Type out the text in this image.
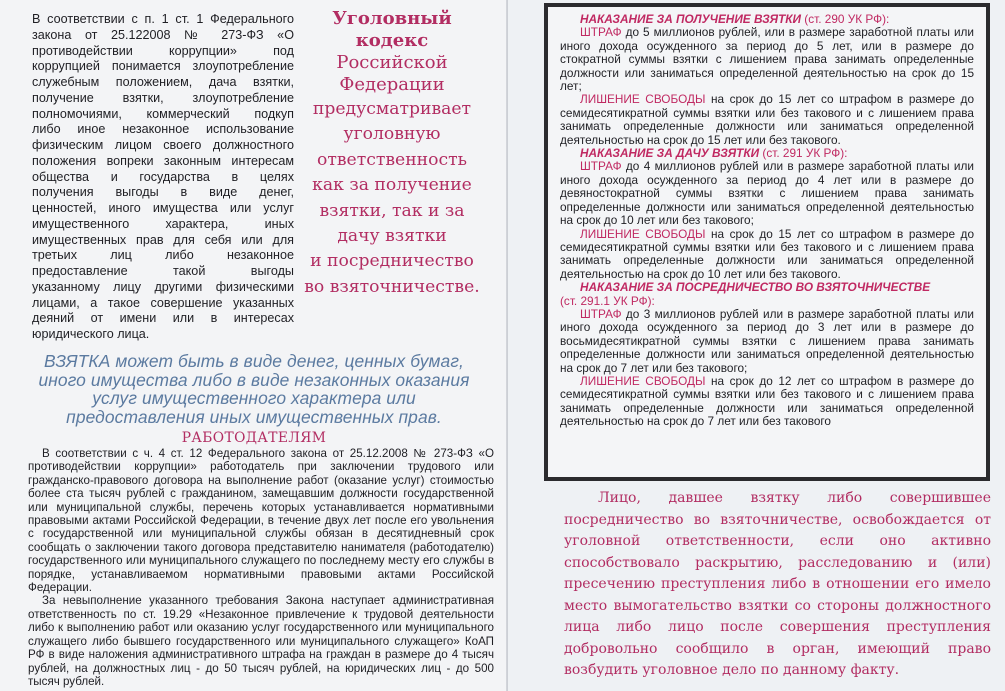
В соответствии с п. 1 ст. 1 Федерального
закона от 25.122008 № 273-ФЗ «О
противодействии коррупции» под
коррупцией понимается злоупотребление
служебным положением, дача взятки,
получение взятки, злоупотребление
полномочиями, коммерческий подкуп
либо иное незаконное использование
физическим лицом своего должностного
положения вопреки законным интересам
общества и государства в целях
получения выгоды в виде денег,
ценностей, иного имущества или услуг
имущественного характера, иных
имущественных прав для себя или для
третьих лиц либо незаконное
предоставление такой выгоды
указанному лицу другими физическими
лицами, а такое совершение указанных
деяний от имени или в интересах
юридического лица.
Уголовный
кодекс
Российской
Федерации
предусматривает
уголовную
ответственность
как за получение
взятки, так и за
дачу взятки
и посредничество
во взяточничестве.
ВЗЯТКА может быть в виде денег, ценных бумаг,
иного имущества либо в виде незаконных оказания
услуг имущественного характера или
предоставления иных имущественных прав.
РАБОТОДАТЕЛЯМ

В соответствии с ч. 4 ст. 12 Федерального закона от 25.12.2008 № 273-ФЗ «О противодействии коррупции» работодатель при заключении трудового или гражданско-правового договора на выполнение работ (оказание услуг) стоимостью более ста тысяч рублей с гражданином, замещавшим должности государственной или муниципальной службы, перечень которых устанавливается нормативными правовыми актами Российской Федерации, в течение двух лет после его увольнения с государственной или муниципальной службы обязан в десятидневный срок сообщать о заключении такого договора представителю нанимателя (работодателю) государственного или муниципального служащего по последнему месту его службы в порядке, устанавливаемом нормативными правовыми актами Российской Федерации.

За невыполнение указанного требования Закона наступает административная ответственность по ст. 19.29 «Незаконное привлечение к трудовой деятельности либо к выполнению работ или оказанию услуг государственного или муниципального служащего либо бывшего государственного или муниципального служащего» КоАП РФ в виде наложения административного штрафа на граждан в размере до 4 тысяч рублей, на должностных лиц - до 50 тысяч рублей, на юридических лиц - до 500 тысяч рублей.

НАКАЗАНИЕ ЗА ПОЛУЧЕНИЕ ВЗЯТКИ (ст. 290 УК РФ):

ШТРАФ до 5 миллионов рублей, или в размере заработной платы или иного дохода осужденного за период до 5 лет, или в размере до стократной суммы взятки с лишением права занимать определенные должности или заниматься определенной деятельностью на срок до 15 лет;

ЛИШЕНИЕ СВОБОДЫ на срок до 15 лет со штрафом в размере до семидесятикратной суммы взятки или без такового и с лишением права занимать определенные должности или заниматься определенной деятельностью на срок до 15 лет или без такового.

НАКАЗАНИЕ ЗА ДАЧУ ВЗЯТКИ (ст. 291 УК РФ):

ШТРАФ до 4 миллионов рублей или в размере заработной платы или иного дохода осужденного за период до 4 лет или в размере до девяностократной суммы взятки с лишением права занимать определенные должности или заниматься определенной деятельностью на срок до 10 лет или без такового;

ЛИШЕНИЕ СВОБОДЫ на срок до 15 лет со штрафом в размере до семидесятикратной суммы взятки или без такового и с лишением права занимать определенные должности или заниматься определенной деятельностью на срок до 10 лет или без такового.

НАКАЗАНИЕ ЗА ПОСРЕДНИЧЕСТВО ВО ВЗЯТОЧНИЧЕСТВЕ
(ст. 291.1 УК РФ):

ШТРАФ до 3 миллионов рублей или в размере заработной платы или иного дохода осужденного за период до 3 лет или в размере до восьмидесятикратной суммы взятки с лишением права занимать определенные должности или заниматься определенной деятельностью на срок до 7 лет или без такового;

ЛИШЕНИЕ СВОБОДЫ на срок до 12 лет со штрафом в размере до семидесятикратной суммы взятки или без такового и с лишением права занимать определенные должности или заниматься определенной деятельностью на срок до 7 лет или без такового

Лицо, давшее взятку либо совершившее посредничество во взяточничестве, освобождается от уголовной ответственности, если оно активно способствовало раскрытию, расследованию и (или) пресечению преступления либо в отношении его имело место вымогательство взятки со стороны должностного лица либо лицо после совершения преступления добровольно сообщило в орган, имеющий право возбудить уголовное дело по данному факту.
